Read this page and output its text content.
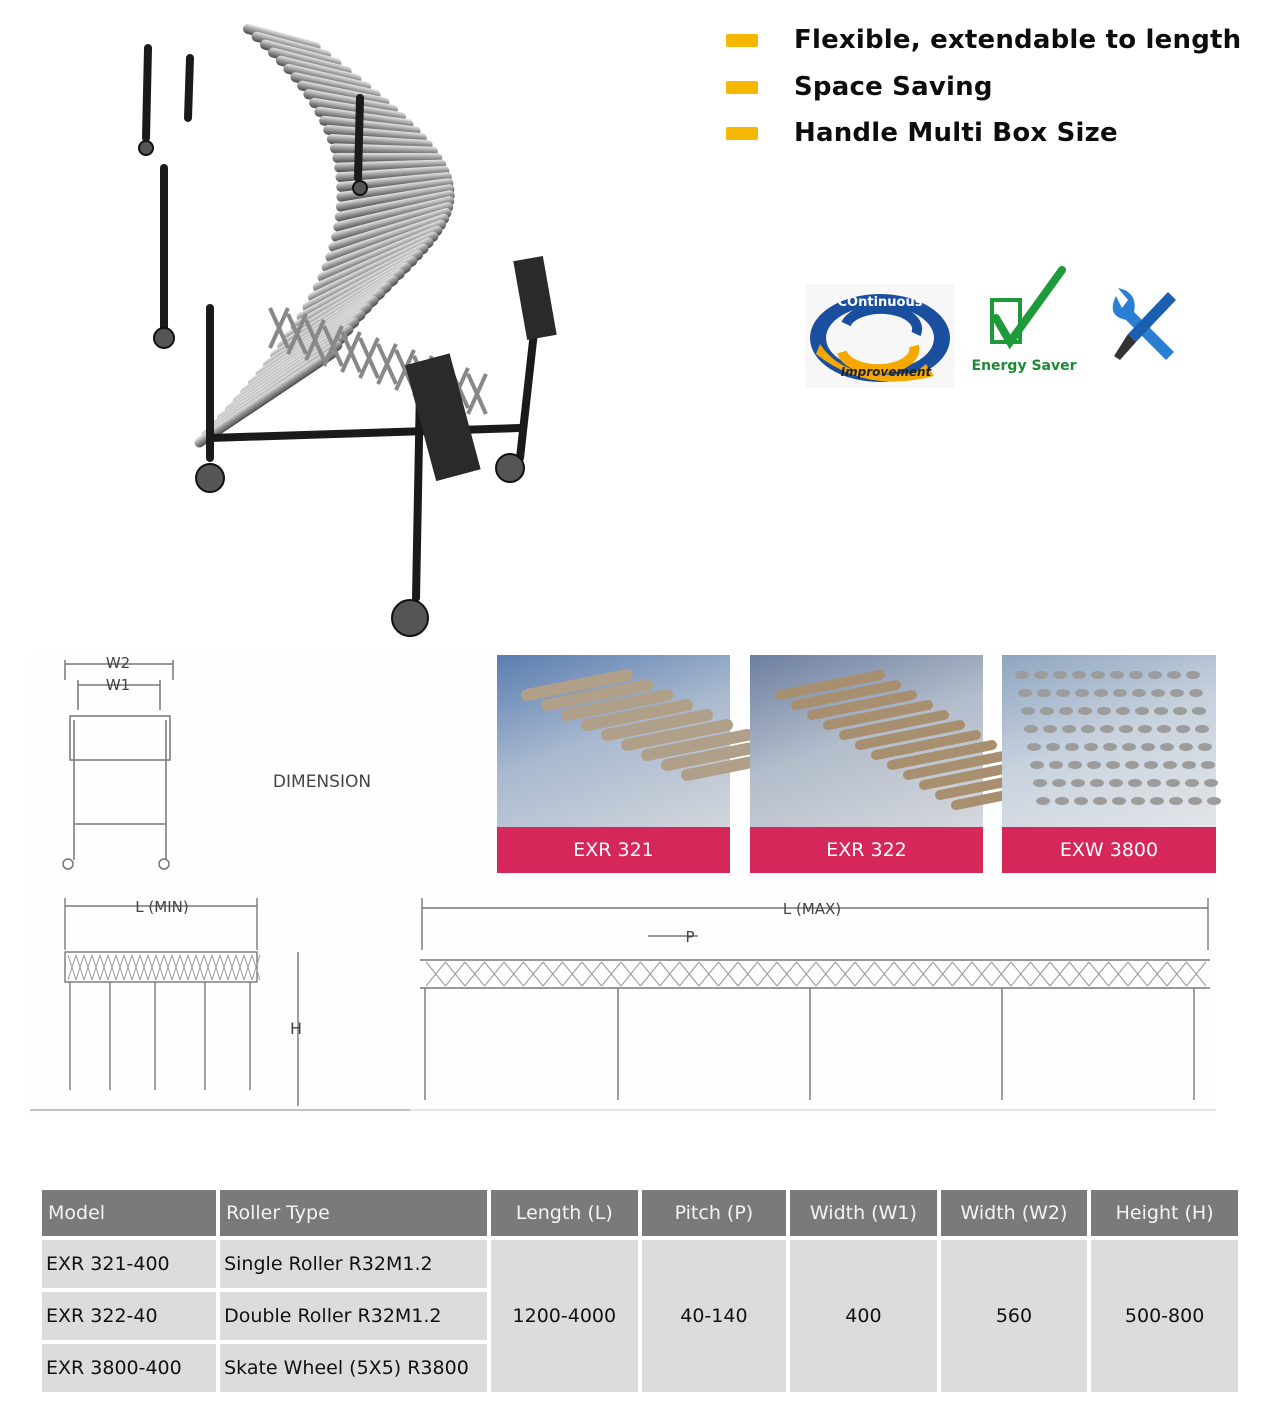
Flexible, extendable to length
Space Saving
Handle Multi Box Size
COntinuous
Improvement	Energy Saver
W2
W1
DIMENSION
L (MIN)	L (MAX)
P
H
EXR 321	EXR 322	EXW 3800
Model	Roller Type	Length (L)	Pitch (P)	Width (W1)	Width (W2)	Height (H)
EXR 321-400	Single Roller R32M1.2	1200-4000	40-140	400	560	500-800
EXR 322-40	Double Roller R32M1.2					
EXR 3800-400	Skate Wheel (5X5) R3800					
